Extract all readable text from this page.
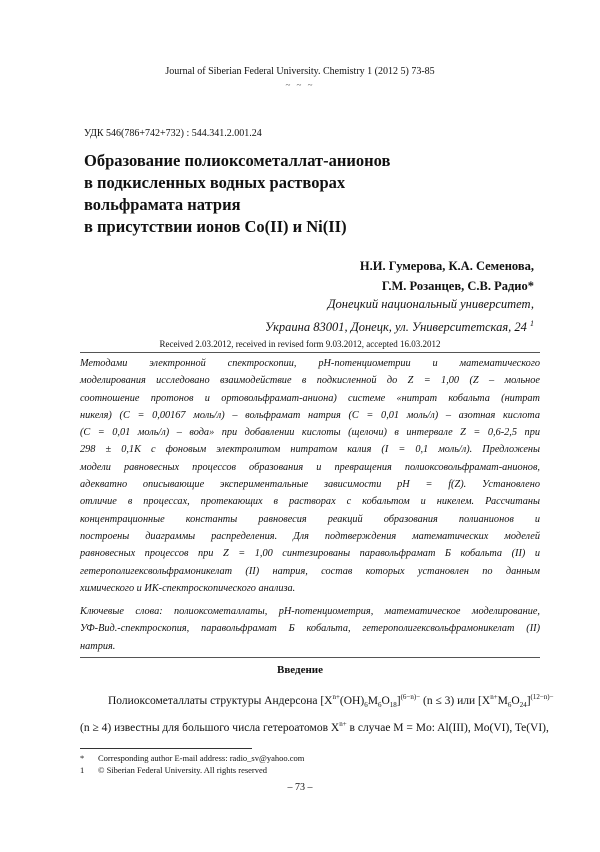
Journal of Siberian Federal University. Chemistry 1 (2012 5) 73-85
~ ~ ~
УДК 546(786+742+732) : 544.341.2.001.24
Образование полиоксометаллат-анионов
в подкисленных водных растворах
вольфрамата натрия
в присутствии ионов Co(II) и Ni(II)
Н.И. Гумерова, К.А. Семенова,
Г.М. Розанцев, С.В. Радио*
Донецкий национальный университет,
Украина 83001, Донецк, ул. Университетская, 24 $^1$
Received 2.03.2012, received in revised form 9.03.2012, accepted 16.03.2012
Методами электронной спектроскопии, рН-потенциометрии и математического
моделирования исследовано взаимодействие в подкисленной до Z = 1,00 (Z – мольное
соотношение протонов и ортовольфрамат-аниона) системе «нитрат кобальта (нитрат
никеля) (C = 0,00167 моль/л) – вольфрамат натрия (C = 0,01 моль/л) – азотная кислота
(C = 0,01 моль/л) – вода» при добавлении кислоты (щелочи) в интервале Z = 0,6-2,5 при
298 ± 0,1К с фоновым электролитом нитратом калия (I = 0,1 моль/л). Предложены
модели равновесных процессов образования и превращения полиоксовольфрамат-анионов,
адекватно описывающие экспериментальные зависимости pH = f(Z). Установлено
отличие в процессах, протекающих в растворах с кобальтом и никелем. Рассчитаны
концентрационные константы равновесия реакций образования полианионов и
построены диаграммы распределения. Для подтверждения математических моделей
равновесных процессов при Z = 1,00 синтезированы паравольфрамат Б кобальта (II) и
гетерополигексвольфрамоникелат (II) натрия, состав которых установлен по данным
химического и ИК-спектроскопического анализа.
Ключевые слова: полиоксометаллаты, рН-потенциометрия, математическое моделирование,
УФ-Вид.-спектроскопия, паравольфрамат Б кобальта, гетерополигексвольфрамоникелат (II)
натрия.
Введение
Полиоксометаллаты структуры Андерсона $[X^{n+}(OH)_6M_6O_{18}]^{(6-n)-}$ (n ≤ 3) или $[X^{n+}M_6O_{24}]^{(12-n)-}$
(n ≥ 4) известны для большого числа гетероатомов $X^{n+}$ в случае M = Mo: Al(III), Mo(VI), Te(VI),
*	Corresponding author E-mail address: radio_sv@yahoo.com
1	© Siberian Federal University. All rights reserved
– 73 –
